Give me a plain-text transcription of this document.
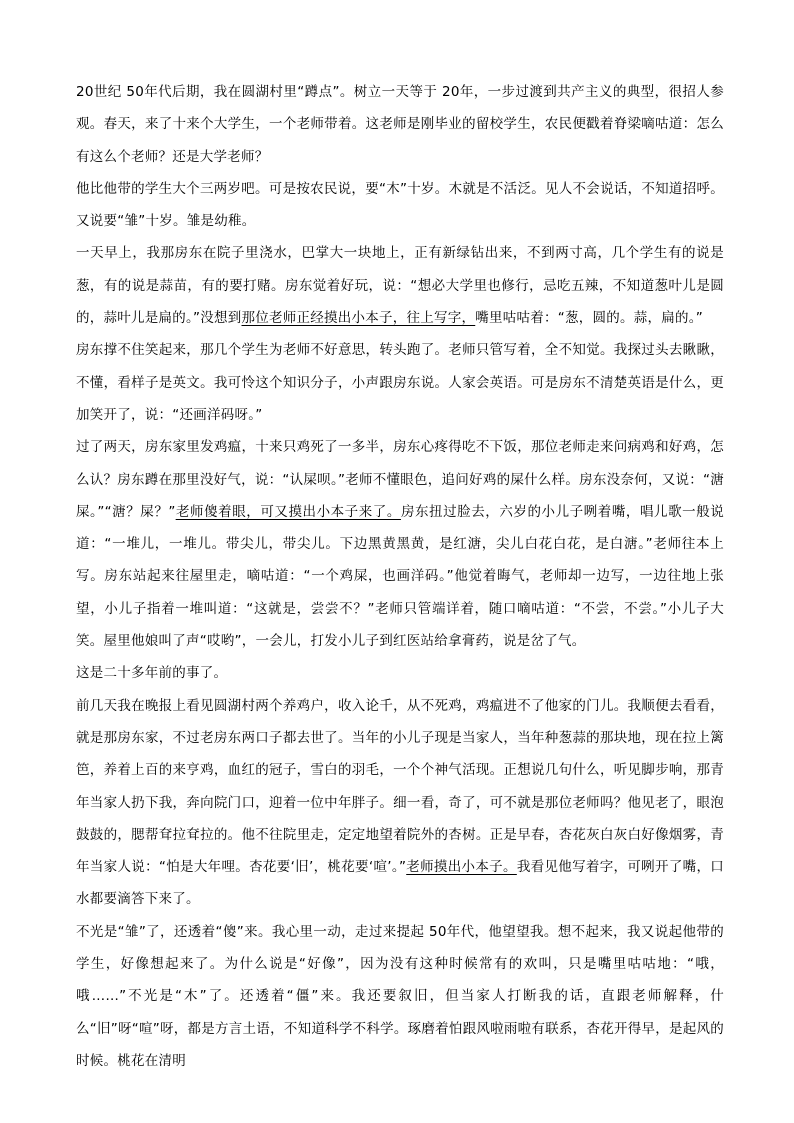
20世纪 50年代后期，我在圆湖村里“蹲点”。树立一天等于 20年，一步过渡到共产主义的典型，很招人参观。春天，来了十来个大学生，一个老师带着。这老师是刚毕业的留校学生，农民便戳着脊梁嘀咕道：怎么有这么个老师？还是大学老师？

他比他带的学生大个三两岁吧。可是按农民说，要“木”十岁。木就是不活泛。见人不会说话，不知道招呼。又说要“雏”十岁。雏是幼稚。

一天早上，我那房东在院子里浇水，巴掌大一块地上，正有新绿钻出来，不到两寸高，几个学生有的说是葱，有的说是蒜苗，有的要打赌。房东觉着好玩，说：“想必大学里也修行，忌吃五辣，不知道葱叶儿是圆的，蒜叶儿是扁的。”没想到那位老师正经摸出小本子，往上写字，嘴里咕咕着：“葱，圆的。蒜，扁的。”

房东撑不住笑起来，那几个学生为老师不好意思，转头跑了。老师只管写着，全不知觉。我探过头去瞅瞅，不懂，看样子是英文。我可怜这个知识分子，小声跟房东说。人家会英语。可是房东不清楚英语是什么，更加笑开了，说：“还画洋码呀。”

过了两天，房东家里发鸡瘟，十来只鸡死了一多半，房东心疼得吃不下饭，那位老师走来问病鸡和好鸡，怎么认？房东蹲在那里没好气，说：“认屎呗。”老师不懂眼色，追问好鸡的屎什么样。房东没奈何，又说：“溏屎。”“溏？屎？”老师傻着眼，可又摸出小本子来了。房东扭过脸去，六岁的小儿子咧着嘴，唱儿歌一般说道：“一堆儿，一堆儿。带尖儿，带尖儿。下边黑黄黑黄，是红溏，尖儿白花白花，是白溏。”老师往本上写。房东站起来往屋里走，嘀咕道：“一个鸡屎，也画洋码。”他觉着晦气，老师却一边写，一边往地上张望，小儿子指着一堆叫道：“这就是，尝尝不？”老师只管端详着，随口嘀咕道：“不尝，不尝。”小儿子大笑。屋里他娘叫了声“哎哟”，一会儿，打发小儿子到红医站给拿膏药，说是岔了气。

这是二十多年前的事了。

前几天我在晚报上看见圆湖村两个养鸡户，收入论千，从不死鸡，鸡瘟进不了他家的门儿。我顺便去看看，就是那房东家，不过老房东两口子都去世了。当年的小儿子现是当家人，当年种葱蒜的那块地，现在拉上篱笆，养着上百的来亨鸡，血红的冠子，雪白的羽毛，一个个神气活现。正想说几句什么，听见脚步响，那青年当家人扔下我，奔向院门口，迎着一位中年胖子。细一看，奇了，可不就是那位老师吗？他见老了，眼泡鼓鼓的，腮帮耷拉耷拉的。他不往院里走，定定地望着院外的杏树。正是早春，杏花灰白灰白好像烟雾，青年当家人说：“怕是大年哩。杏花要‘旧’，桃花要‘喧’。”老师摸出小本子。我看见他写着字，可咧开了嘴，口水都要滴答下来了。

不光是“雏”了，还透着“傻”来。我心里一动，走过来提起 50年代，他望望我。想不起来，我又说起他带的学生，好像想起来了。为什么说是“好像”，因为没有这种时候常有的欢叫，只是嘴里咕咕地：“哦，哦……”不光是“木”了。还透着“僵”来。我还要叙旧，但当家人打断我的话，直跟老师解释，什么“旧”呀“喧”呀，都是方言土语，不知道科学不科学。琢磨着怕跟风啦雨啦有联系，杏花开得早，是起风的时候。桃花在清明
